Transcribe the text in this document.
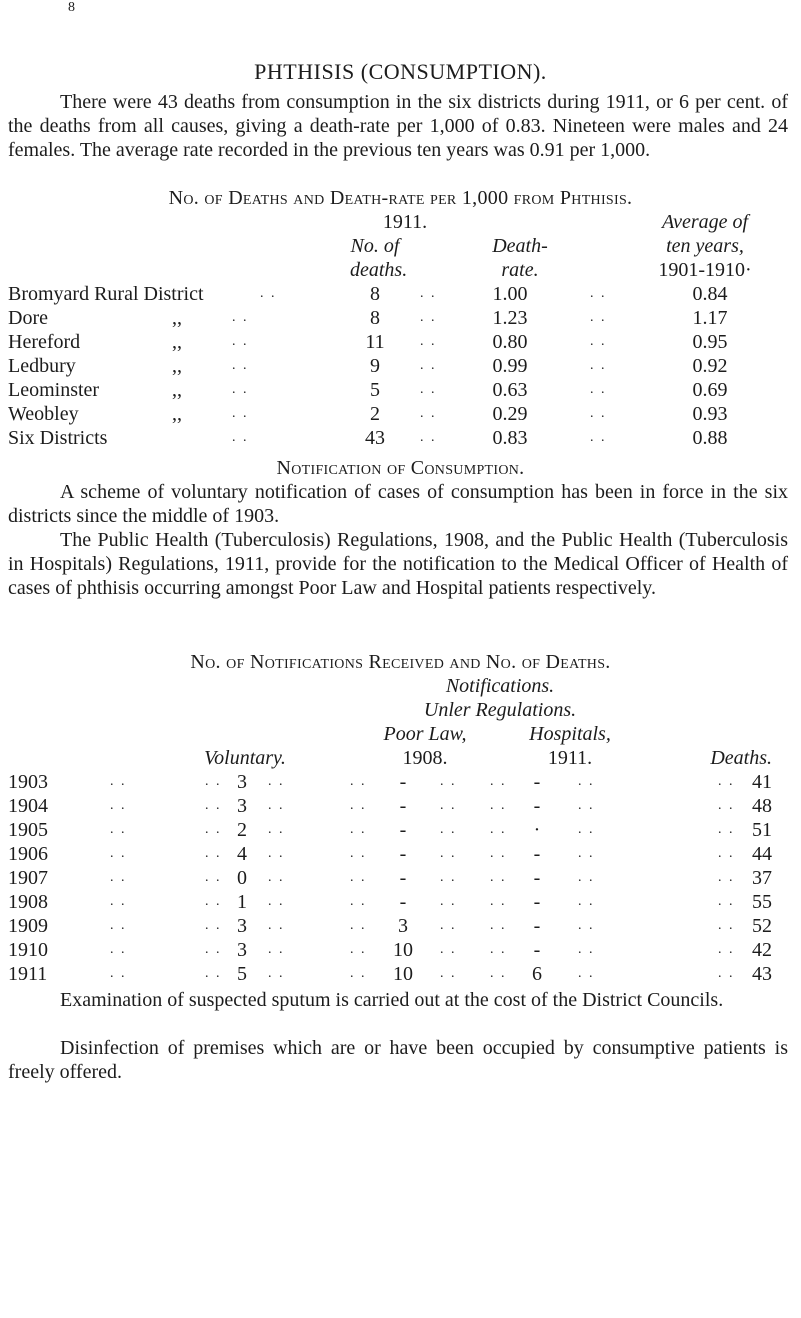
8
PHTHISIS (CONSUMPTION).

There were 43 deaths from consumption in the six districts during 1911, or 6 per cent. of the deaths from all causes, giving a death-rate per 1,000 of 0.83. Nineteen were males and 24 females. The average rate recorded in the previous ten years was 0.91 per 1,000.

No. of Deaths and Death-rate per 1,000 from Phthisis.
1911.
No. of
deaths.
Death-
rate.
Average of
ten years,
1901-1910·
Bromyard Rural District	. .	8	. .	1.00	. .	0.84
Dore	,,	. .	8	. .	1.23	. .	1.17
Hereford	,,	. .	11	. .	0.80	. .	0.95
Ledbury	,,	. .	9	. .	0.99	. .	0.92
Leominster	,,	. .	5	. .	0.63	. .	0.69
Weobley	,,	. .	2	. .	0.29	. .	0.93
Six Districts	. .	43	. .	0.83	. .	0.88
Notification of Consumption.

A scheme of voluntary notification of cases of consumption has been in force in the six districts since the middle of 1903.

The Public Health (Tuberculosis) Regulations, 1908, and the Public Health (Tuberculosis in Hospitals) Regulations, 1911, provide for the notification to the Medical Officer of Health of cases of phthisis occurring amongst Poor Law and Hospital patients respectively.

No. of Notifications Received and No. of Deaths.
Notifications.
Unler Regulations.
Poor Law,
1908.
Hospitals,
1911.
Voluntary.	Deaths.
1903	. .	. . 3	. .	. .	-	. . . .	-	. .	. . 41
1904	. .	. . 3	. .	. .	-	. . . .	-	. .	. . 48
1905	. .	. . 2	. .	. .	-	. . . .	·	. .	. . 51
1906	. .	. . 4	. .	. .	-	. . . .	-	. .	. . 44
1907	. .	. . 0	. .	. .	-	. . . .	-	. .	. . 37
1908	. .	. . 1	. .	. .	-	. . . .	-	. .	. . 55
1909	. .	. . 3	. .	. .	3	. . . .	-	. .	. . 52
1910	. .	. . 3	. .	. .	10	. . . .	-	. .	. . 42
1911	. .	. . 5	. .	. .	10	. . . .	6	. .	. . 43

Examination of suspected sputum is carried out at the cost of the District Councils.

Disinfection of premises which are or have been occupied by consumptive patients is freely offered.
